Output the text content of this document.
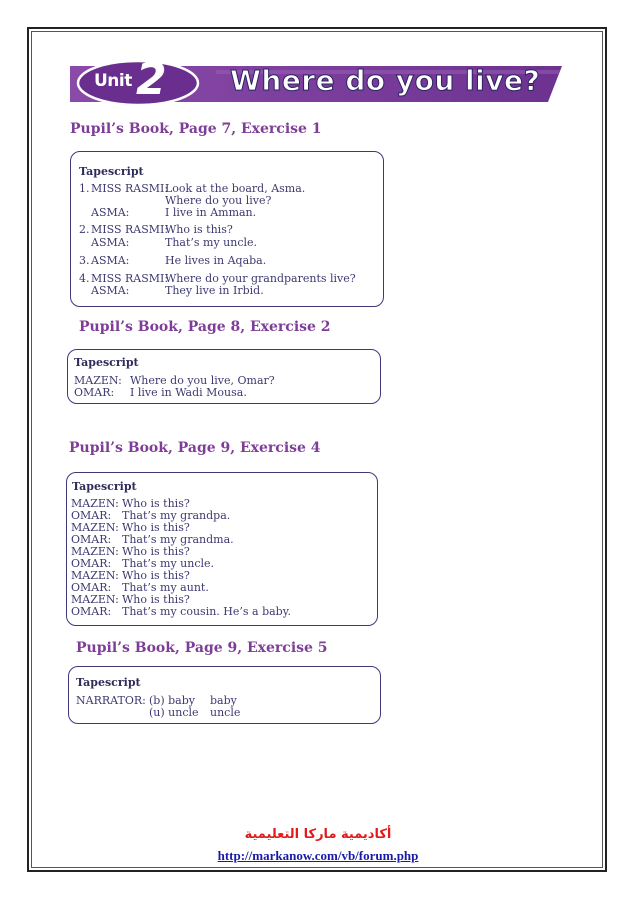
Unit 2 Where do you live?
Pupil’s Book, Page 7, Exercise 1
Tapescript
1. MISS RASMI:
Look at the board, Asma.
Where do you live?
ASMA:	I live in Amman.
2. MISS RASMI:
Who is this?
ASMA:	That’s my uncle.
3. ASMA:	He lives in Aqaba.
4. MISS RASMI:
Where do your grandparents live?
ASMA:	They live in Irbid.
Pupil’s Book, Page 8, Exercise 2
Tapescript
MAZEN: Where do you live, Omar?
OMAR: I live in Wadi Mousa.
Pupil’s Book, Page 9, Exercise 4
Tapescript
MAZEN: Who is this?
OMAR: That’s my grandpa.
MAZEN: Who is this?
OMAR: That’s my grandma.
MAZEN: Who is this?
OMAR: That’s my uncle.
MAZEN: Who is this?
OMAR: That’s my aunt.
MAZEN: Who is this?
OMAR: That’s my cousin. He’s a baby.
Pupil’s Book, Page 9, Exercise 5
Tapescript
NARRATOR: (b) baby baby
(u) uncle uncle
أكاديمية ماركا التعليمية
http://markanow.com/vb/forum.php
